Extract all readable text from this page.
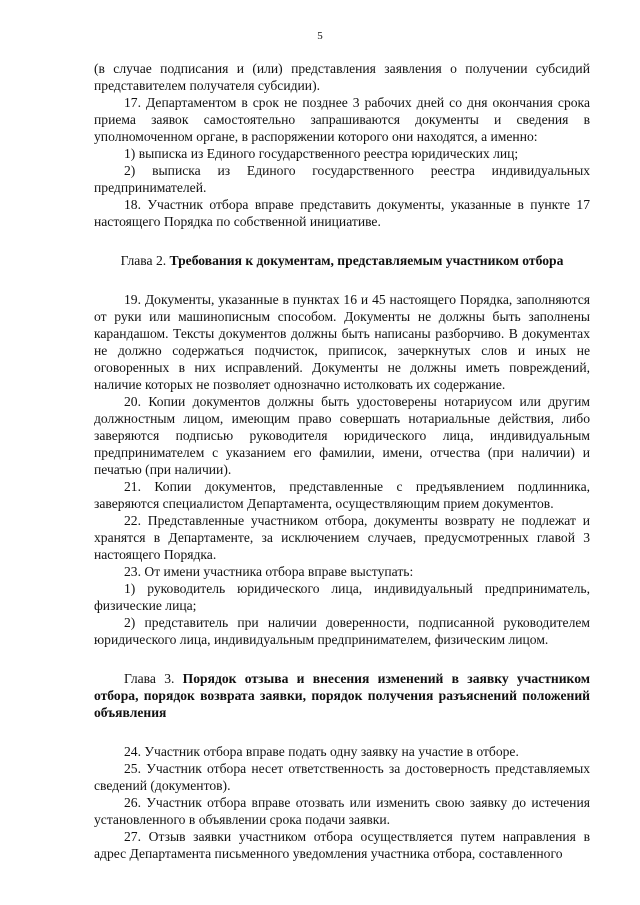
5

(в случае подписания и (или) представления заявления о получении субсидий представителем получателя субсидии).

17. Департаментом в срок не позднее 3 рабочих дней со дня окончания срока приема заявок самостоятельно запрашиваются документы и сведения в уполномоченном органе, в распоряжении которого они находятся, а именно:

1) выписка из Единого государственного реестра юридических лиц;

2) выписка из Единого государственного реестра индивидуальных предпринимателей.

18. Участник отбора вправе представить документы, указанные в пункте 17 настоящего Порядка по собственной инициативе.

Глава 2. Требования к документам, представляемым участником отбора

19. Документы, указанные в пунктах 16 и 45 настоящего Порядка, заполняются от руки или машинописным способом. Документы не должны быть заполнены карандашом. Тексты документов должны быть написаны разборчиво. В документах не должно содержаться подчисток, приписок, зачеркнутых слов и иных не оговоренных в них исправлений. Документы не должны иметь повреждений, наличие которых не позволяет однозначно истолковать их содержание.

20. Копии документов должны быть удостоверены нотариусом или другим должностным лицом, имеющим право совершать нотариальные действия, либо заверяются подписью руководителя юридического лица, индивидуальным предпринимателем с указанием его фамилии, имени, отчества (при наличии) и печатью (при наличии).

21. Копии документов, представленные с предъявлением подлинника, заверяются специалистом Департамента, осуществляющим прием документов.

22. Представленные участником отбора, документы возврату не подлежат и хранятся в Департаменте, за исключением случаев, предусмотренных главой 3 настоящего Порядка.

23. От имени участника отбора вправе выступать:

1) руководитель юридического лица, индивидуальный предприниматель, физические лица;

2) представитель при наличии доверенности, подписанной руководителем юридического лица, индивидуальным предпринимателем, физическим лицом.

Глава 3. Порядок отзыва и внесения изменений в заявку участником отбора, порядок возврата заявки, порядок получения разъяснений положений объявления

24. Участник отбора вправе подать одну заявку на участие в отборе.

25. Участник отбора несет ответственность за достоверность представляемых сведений (документов).

26. Участник отбора вправе отозвать или изменить свою заявку до истечения установленного в объявлении срока подачи заявки.

27. Отзыв заявки участником отбора осуществляется путем направления в адрес Департамента письменного уведомления участника отбора, составленного
